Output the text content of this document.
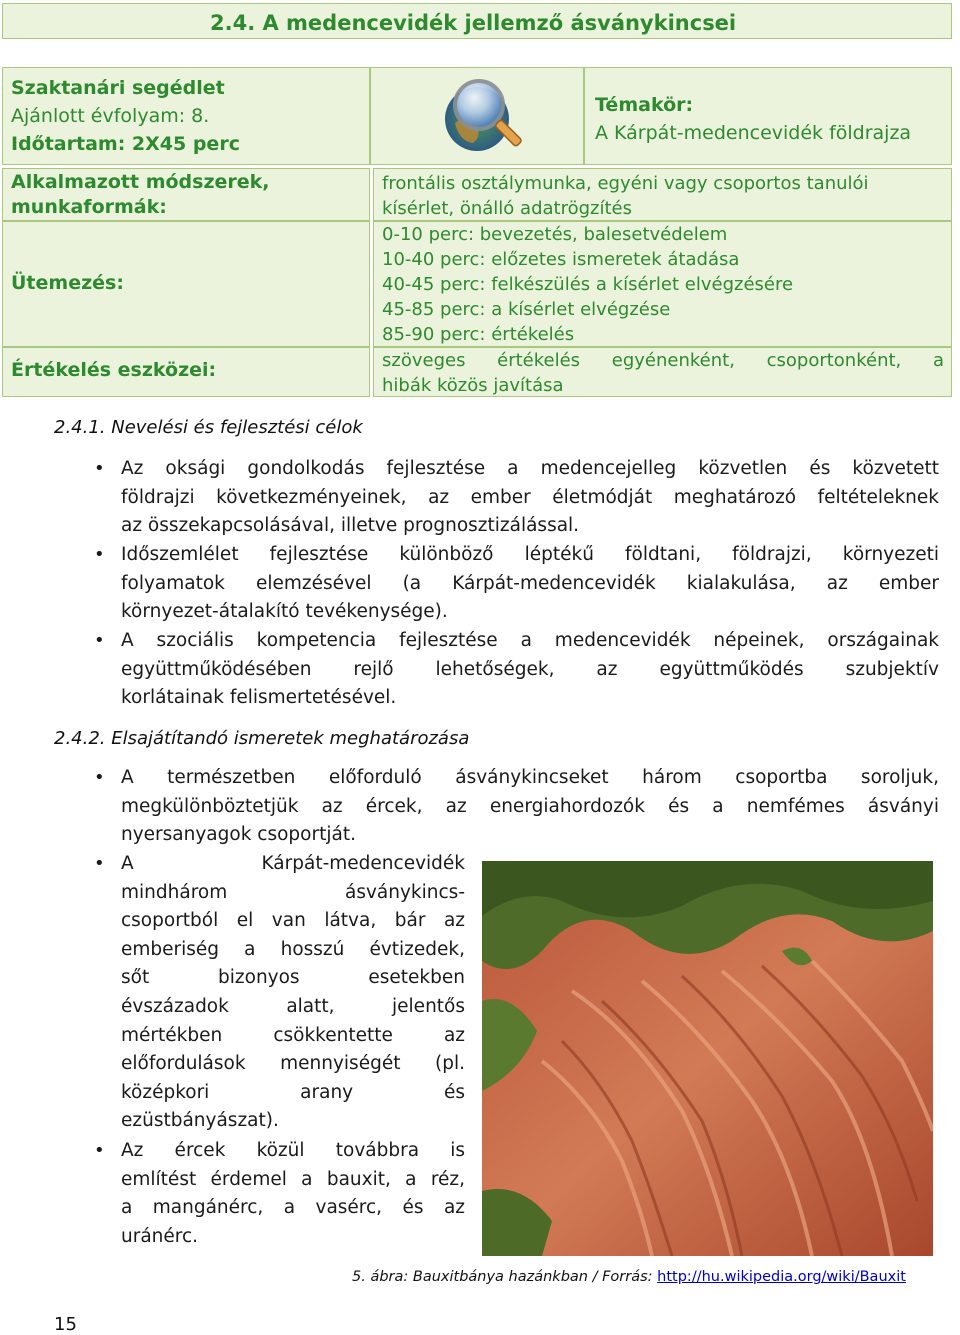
2.4. A medencevidék jellemző ásványkincsei
Szaktanári segédlet
Ajánlott évfolyam: 8.
Időtartam: 2X45 perc
Témakör:
A Kárpát-medencevidék földrajza
Alkalmazott módszerek,
munkaformák:
frontális osztálymunka, egyéni vagy csoportos tanulói
kísérlet, önálló adatrögzítés
Ütemezés:
0-10 perc: bevezetés, balesetvédelem
10-40 perc: előzetes ismeretek átadása
40-45 perc: felkészülés a kísérlet elvégzésére
45-85 perc: a kísérlet elvégzése
85-90 perc: értékelés
Értékelés eszközei:	szöveges értékelés egyénenként, csoportonként, a
hibák közös javítása
2.4.1. Nevelési és fejlesztési célok
• Az oksági gondolkodás fejlesztése a medencejelleg közvetlen és közvetett
földrajzi következményeinek, az ember életmódját meghatározó feltételeknek
az összekapcsolásával, illetve prognosztizálással.
• Időszemlélet fejlesztése különböző léptékű földtani, földrajzi, környezeti
folyamatok elemzésével (a Kárpát-medencevidék kialakulása, az ember
környezet-átalakító tevékenysége).
• A szociális kompetencia fejlesztése a medencevidék népeinek, országainak
együttműködésében rejlő lehetőségek, az együttműködés szubjektív
korlátainak felismertetésével.
2.4.2. Elsajátítandó ismeretek meghatározása
• A természetben előforduló ásványkincseket három csoportba soroljuk,
megkülönböztetjük az ércek, az energiahordozók és a nemfémes ásványi
nyersanyagok csoportját.
• A Kárpát-medencevidék
mindhárom ásványkincs-
csoportból el van látva, bár az
emberiség a hosszú évtizedek,
sőt bizonyos esetekben
évszázadok alatt, jelentős
mértékben csökkentette az
előfordulások mennyiségét (pl.
középkori arany és
ezüstbányászat).
• Az ércek közül továbbra is
említést érdemel a bauxit, a réz,
a mangánérc, a vasérc, és az
uránérc.
5. ábra: Bauxitbánya hazánkban / Forrás: http://hu.wikipedia.org/wiki/Bauxit
15
